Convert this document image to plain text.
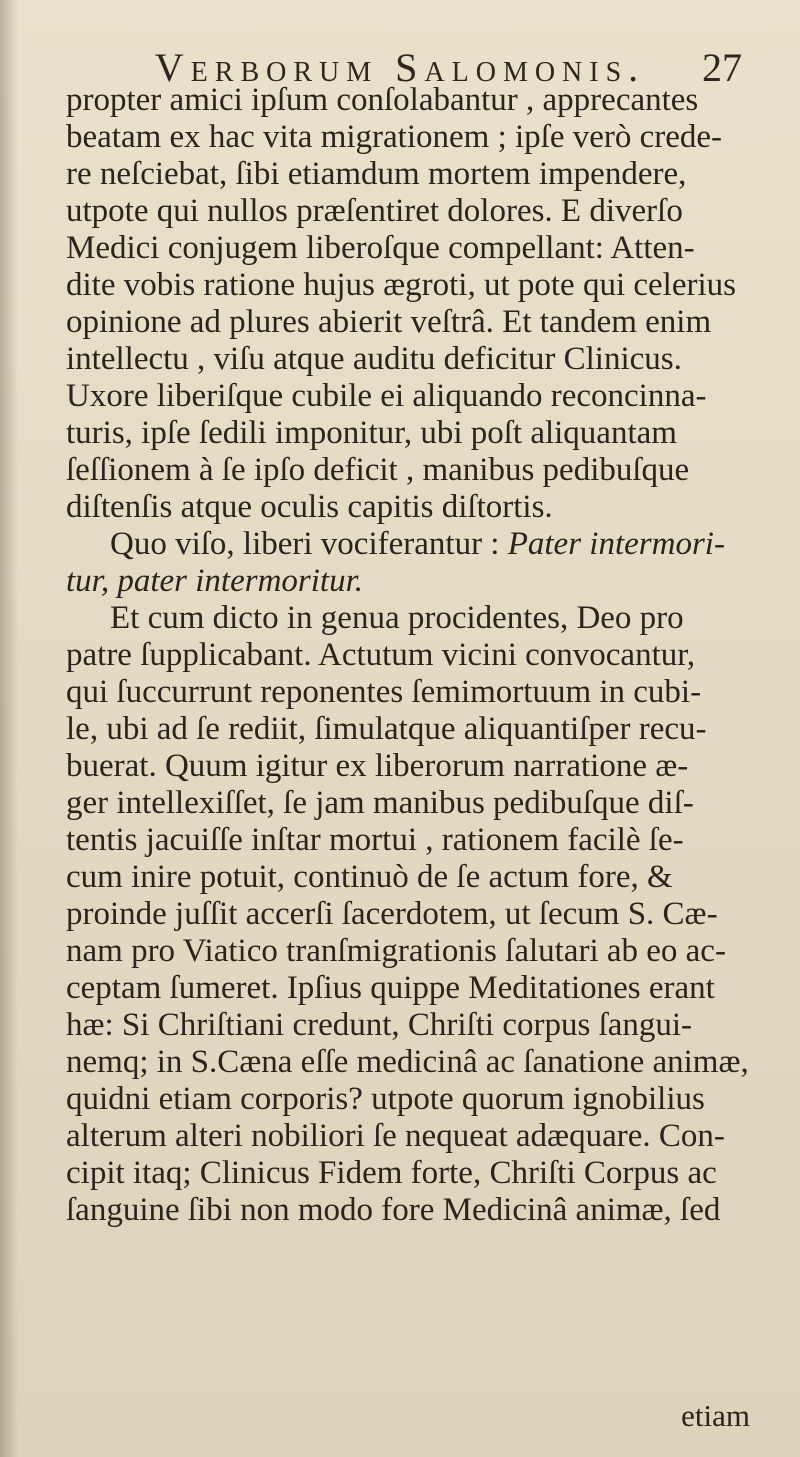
Verborum Salomonis.	27
propter amici ipſum conſolabantur , apprecantes
beatam ex hac vita migrationem ; ipſe verò crede-
re neſciebat, ſibi etiamdum mortem impendere,
utpote qui nullos præſentiret dolores. E diverſo
Medici conjugem liberoſque compellant: Atten-
dite vobis ratione hujus ægroti, ut pote qui celerius
opinione ad plures abierit veſtrâ. Et tandem enim
intellectu , viſu atque auditu deficitur Clinicus.
Uxore liberiſque cubile ei aliquando reconcinna-
turis, ipſe ſedili imponitur, ubi poſt aliquantam
ſeſſionem à ſe ipſo deficit , manibus pedibuſque
diſtenſis atque oculis capitis diſtortis.
Quo viſo, liberi vociferantur : Pater intermori-
tur, pater intermoritur.
Et cum dicto in genua procidentes, Deo pro
patre ſupplicabant. Actutum vicini convocantur,
qui ſuccurrunt reponentes ſemimortuum in cubi-
le, ubi ad ſe rediit, ſimulatque aliquantiſper recu-
buerat. Quum igitur ex liberorum narratione æ-
ger intellexiſſet, ſe jam manibus pedibuſque diſ-
tentis jacuiſſe inſtar mortui , rationem facilè ſe-
cum inire potuit, continuò de ſe actum fore, &
proinde juſſit accerſi ſacerdotem, ut ſecum S. Cæ-
nam pro Viatico tranſmigrationis ſalutari ab eo ac-
ceptam ſumeret. Ipſius quippe Meditationes erant
hæ: Si Chriſtiani credunt, Chriſti corpus ſangui-
nemq; in S.Cæna eſſe medicinâ ac ſanatione animæ,
quidni etiam corporis? utpote quorum ignobilius
alterum alteri nobiliori ſe nequeat adæquare. Con-
cipit itaq; Clinicus Fidem forte, Chriſti Corpus ac
ſanguine ſibi non modo fore Medicinâ animæ, ſed
etiam
